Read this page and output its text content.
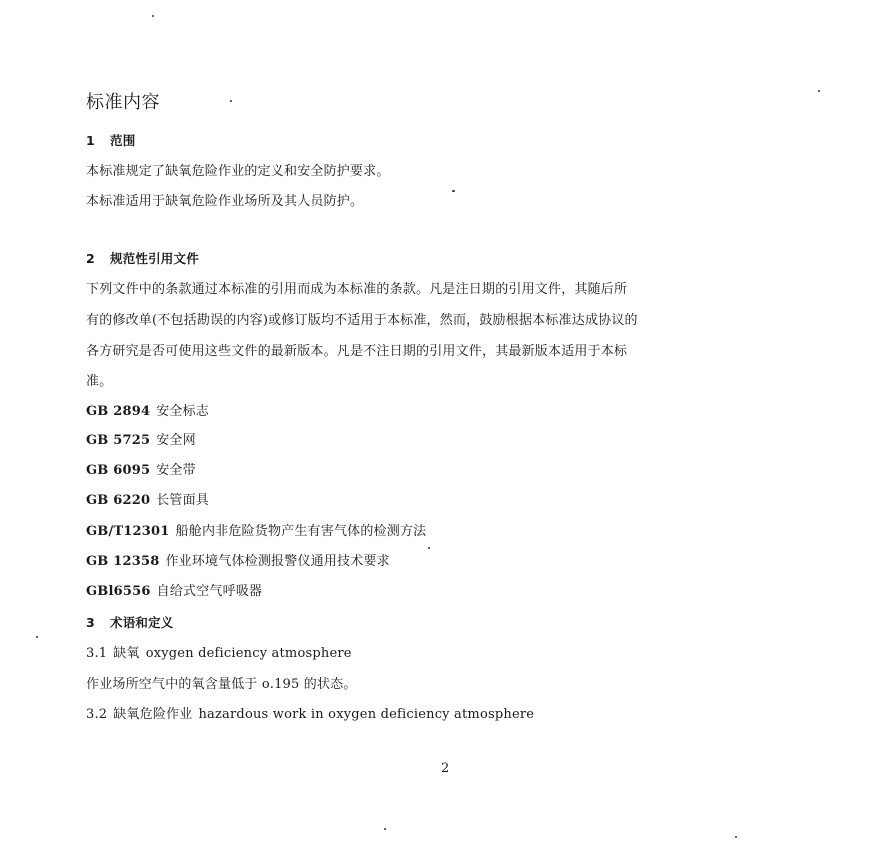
标准内容
1 范围
本标准规定了缺氧危险作业的定义和安全防护要求。
本标准适用于缺氧危险作业场所及其人员防护。
2 规范性引用文件
下列文件中的条款通过本标准的引用而成为本标准的条款。凡是注日期的引用文件，其随后所
有的修改单(不包括勘误的内容)或修订版均不适用于本标准，然而，鼓励根据本标准达成协议的
各方研究是否可使用这些文件的最新版本。凡是不注日期的引用文件，其最新版本适用于本标
准。
GB 2894 安全标志
GB 5725 安全网
GB 6095 安全带
GB 6220 长管面具
GB/T12301 船舱内非危险货物产生有害气体的检测方法
GB 12358 作业环境气体检测报警仪通用技术要求
GBl6556 自给式空气呼吸器
3 术语和定义
3.1 缺氧 oxygen deficiency atmosphere
作业场所空气中的氧含量低于 o.195 的状态。
3.2 缺氧危险作业 hazardous work in oxygen deficiency atmosphere
2
